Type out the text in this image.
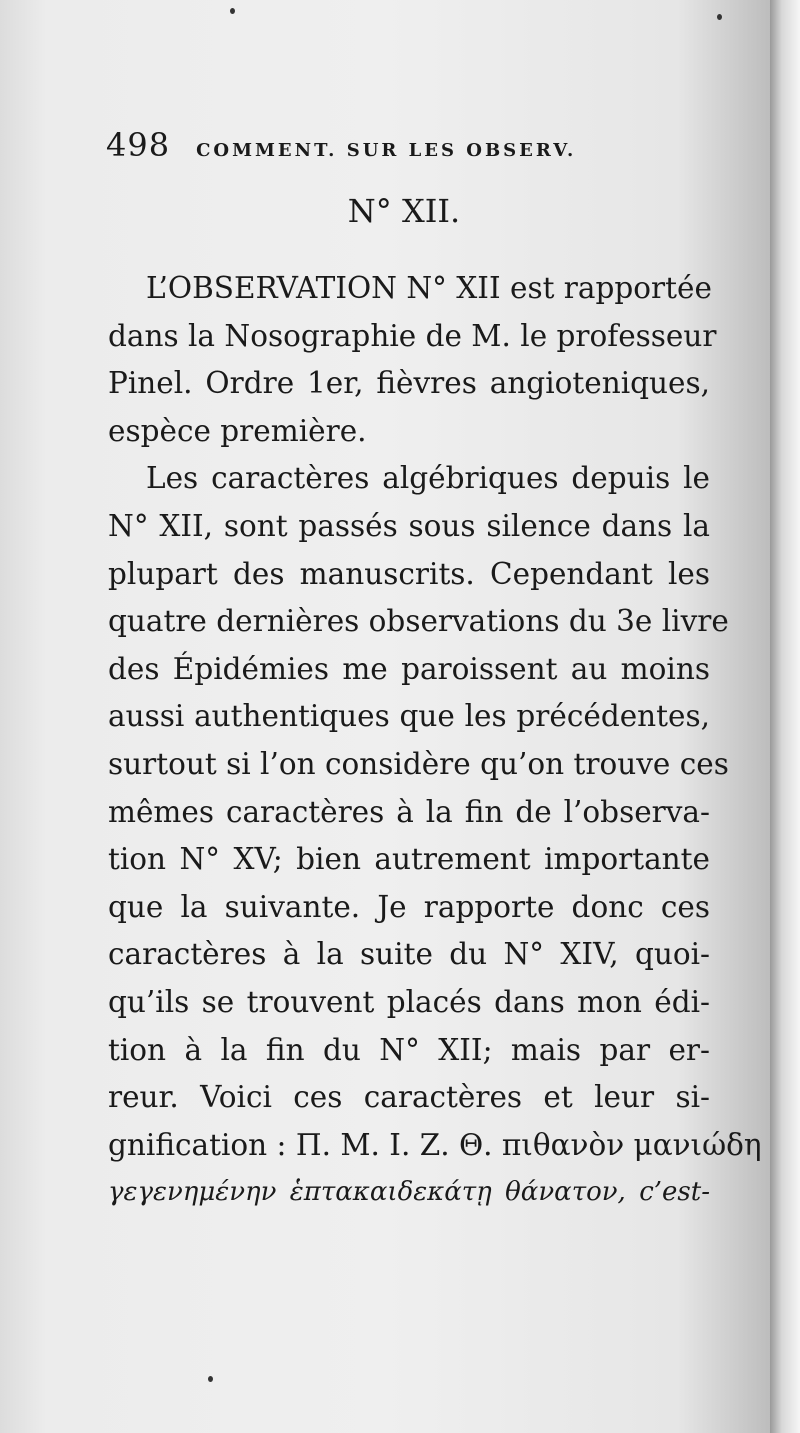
498 COMMENT. SUR LES OBSERV.
N° XII.
L’OBSERVATION N° XII est rapportée
dans la Nosographie de M. le professeur
Pinel. Ordre 1er, fièvres angioteniques,
espèce première.
Les caractères algébriques depuis le
N° XII, sont passés sous silence dans la
plupart des manuscrits. Cependant les
quatre dernières observations du 3e livre
des Épidémies me paroissent au moins
aussi authentiques que les précédentes,
surtout si l’on considère qu’on trouve ces
mêmes caractères à la fin de l’observa-
tion N° XV; bien autrement importante
que la suivante. Je rapporte donc ces
caractères à la suite du N° XIV, quoi-
qu’ils se trouvent placés dans mon édi-
tion à la fin du N° XII; mais par er-
reur. Voici ces caractères et leur si-
gnification : Π. Μ. Ι. Ζ. Θ. πιθανὸν μανιώδη
γεγενημένην ἑπτακαιδεκάτῃ θάνατον, c’est-
